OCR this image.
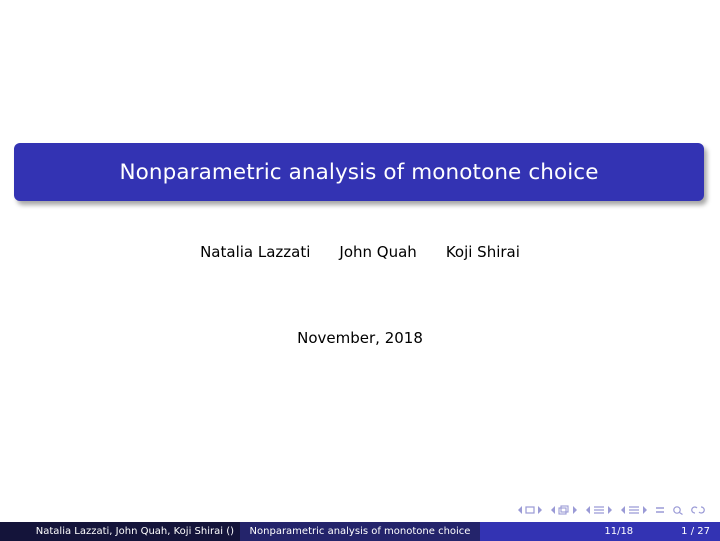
Nonparametric analysis of monotone choice
Natalia Lazzati John Quah Koji Shirai
November, 2018
Natalia Lazzati, John Quah, Koji Shirai () Nonparametric analysis of monotone choice	11/18	1 / 27
